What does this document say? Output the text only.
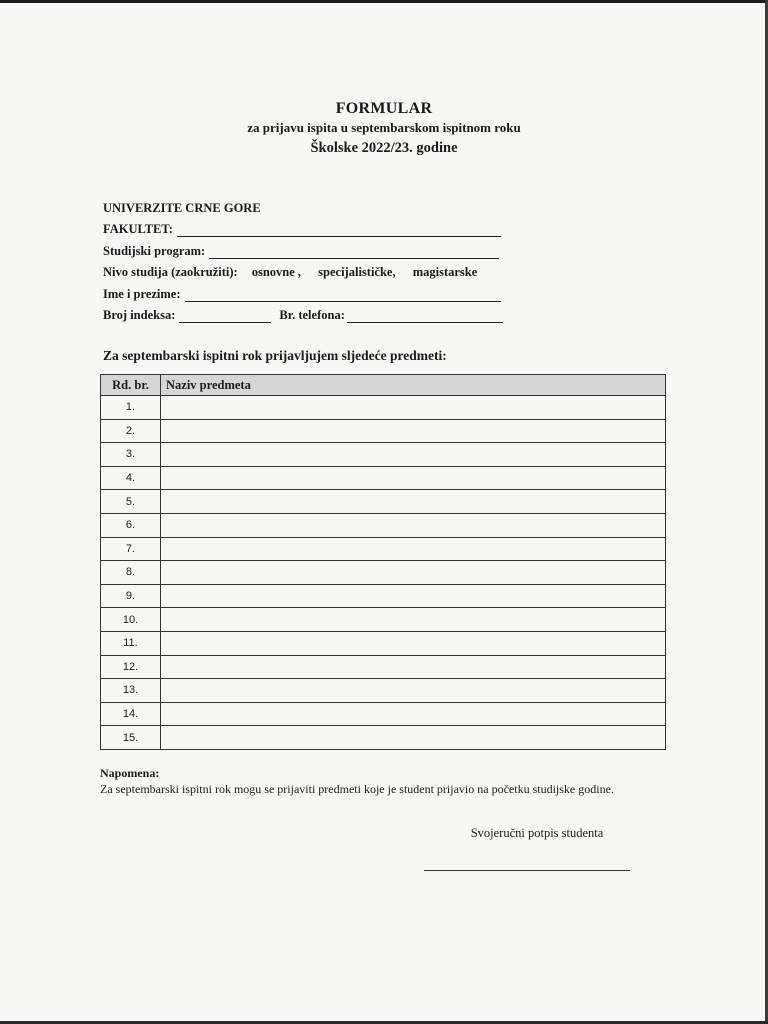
FORMULAR
za prijavu ispita u septembarskom ispitnom roku
Školske 2022/23. godine
UNIVERZITE CRNE GORE
FAKULTET:
Studijski program:
Nivo studija (zaokružiti):	osnovne , specijalističke, magistarske
Ime i prezime:
Broj indeksa:	Br. telefona:
Za septembarski ispitni rok prijavljujem sljedeće predmeti:
Rd. br.	Naziv predmeta
1.	
2.	
3.	
4.	
5.	
6.	
7.	
8.	
9.	
10.	
11.	
12.	
13.	
14.	
15.	
Napomena:
Za septembarski ispitni rok mogu se prijaviti predmeti koje je student prijavio na početku studijske godine.
Svojeručni potpis studenta
